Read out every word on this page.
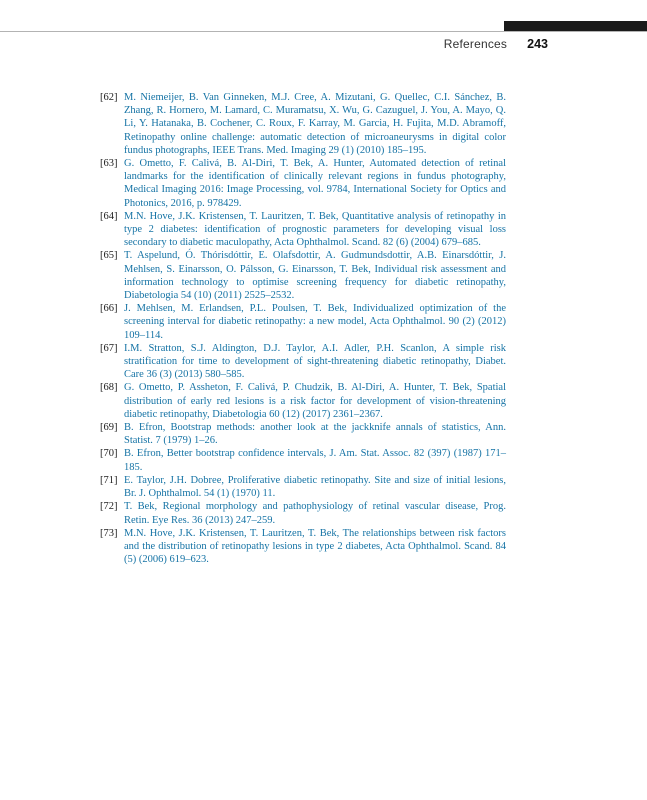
References 243
[62] M. Niemeijer, B. Van Ginneken, M.J. Cree, A. Mizutani, G. Quellec, C.I. Sánchez, B. Zhang, R. Hornero, M. Lamard, C. Muramatsu, X. Wu, G. Cazuguel, J. You, A. Mayo, Q. Li, Y. Hatanaka, B. Cochener, C. Roux, F. Karray, M. Garcia, H. Fujita, M.D. Abramoff, Retinopathy online challenge: automatic detection of microaneurysms in digital color fundus photographs, IEEE Trans. Med. Imaging 29 (1) (2010) 185–195.
[63] G. Ometto, F. Calivá, B. Al-Diri, T. Bek, A. Hunter, Automated detection of retinal landmarks for the identification of clinically relevant regions in fundus photography, Medical Imaging 2016: Image Processing, vol. 9784, International Society for Optics and Photonics, 2016, p. 978429.
[64] M.N. Hove, J.K. Kristensen, T. Lauritzen, T. Bek, Quantitative analysis of retinopathy in type 2 diabetes: identification of prognostic parameters for developing visual loss secondary to diabetic maculopathy, Acta Ophthalmol. Scand. 82 (6) (2004) 679–685.
[65] T. Aspelund, Ó. Thórisdóttir, E. Olafsdottir, A. Gudmundsdottir, A.B. Einarsdóttir, J. Mehlsen, S. Einarsson, O. Pálsson, G. Einarsson, T. Bek, Individual risk assessment and information technology to optimise screening frequency for diabetic retinopathy, Diabetologia 54 (10) (2011) 2525–2532.
[66] J. Mehlsen, M. Erlandsen, P.L. Poulsen, T. Bek, Individualized optimization of the screening interval for diabetic retinopathy: a new model, Acta Ophthalmol. 90 (2) (2012) 109–114.
[67] I.M. Stratton, S.J. Aldington, D.J. Taylor, A.I. Adler, P.H. Scanlon, A simple risk stratification for time to development of sight-threatening diabetic retinopathy, Diabet. Care 36 (3) (2013) 580–585.
[68] G. Ometto, P. Assheton, F. Calivá, P. Chudzik, B. Al-Diri, A. Hunter, T. Bek, Spatial distribution of early red lesions is a risk factor for development of vision-threatening diabetic retinopathy, Diabetologia 60 (12) (2017) 2361–2367.
[69] B. Efron, Bootstrap methods: another look at the jackknife annals of statistics, Ann. Statist. 7 (1979) 1–26.
[70] B. Efron, Better bootstrap confidence intervals, J. Am. Stat. Assoc. 82 (397) (1987) 171–185.
[71] E. Taylor, J.H. Dobree, Proliferative diabetic retinopathy. Site and size of initial lesions, Br. J. Ophthalmol. 54 (1) (1970) 11.
[72] T. Bek, Regional morphology and pathophysiology of retinal vascular disease, Prog. Retin. Eye Res. 36 (2013) 247–259.
[73] M.N. Hove, J.K. Kristensen, T. Lauritzen, T. Bek, The relationships between risk factors and the distribution of retinopathy lesions in type 2 diabetes, Acta Ophthalmol. Scand. 84 (5) (2006) 619–623.
